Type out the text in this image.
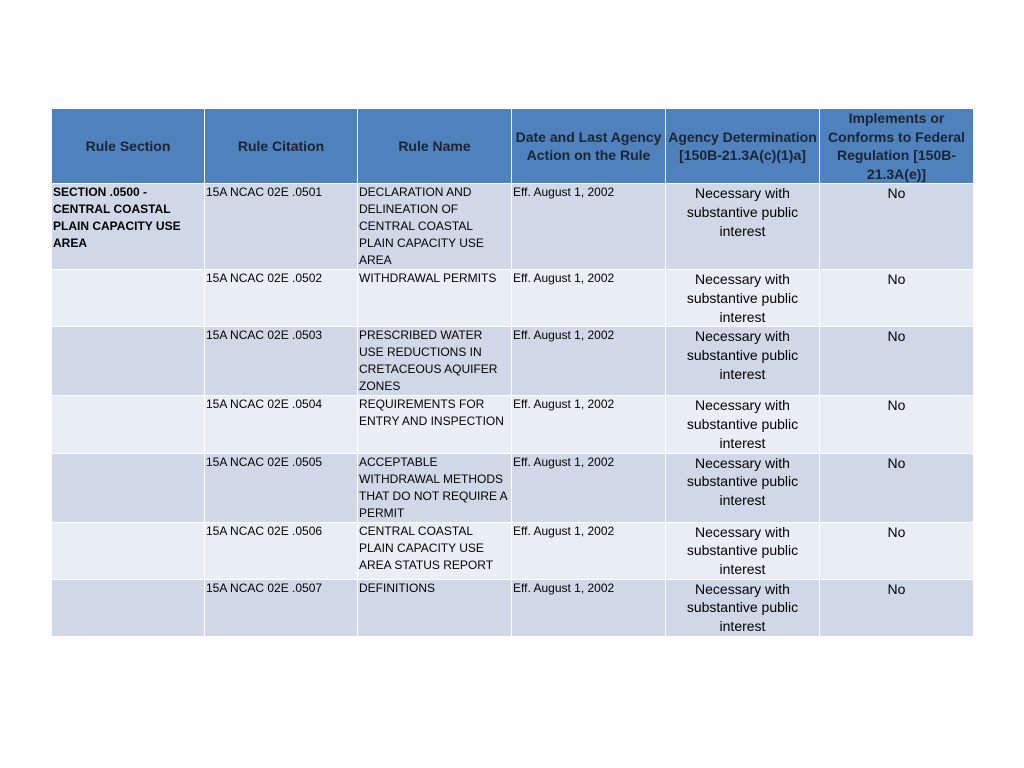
Rule Section	Rule Citation	Rule Name	Date and Last Agency Action on the Rule	Agency Determination [150B-21.3A(c)(1)a]	Implements or Conforms to Federal Regulation [150B-21.3A(e)]
SECTION .0500 - CENTRAL COASTAL PLAIN CAPACITY USE AREA	15A NCAC 02E .0501	DECLARATION AND DELINEATION OF CENTRAL COASTAL PLAIN CAPACITY USE AREA	Eff. August 1, 2002	Necessary with substantive public interest	No
	15A NCAC 02E .0502	WITHDRAWAL PERMITS	Eff. August 1, 2002	Necessary with substantive public interest	No
	15A NCAC 02E .0503	PRESCRIBED WATER USE REDUCTIONS IN CRETACEOUS AQUIFER ZONES	Eff. August 1, 2002	Necessary with substantive public interest	No
	15A NCAC 02E .0504	REQUIREMENTS FOR ENTRY AND INSPECTION	Eff. August 1, 2002	Necessary with substantive public interest	No
	15A NCAC 02E .0505	ACCEPTABLE WITHDRAWAL METHODS THAT DO NOT REQUIRE A PERMIT	Eff. August 1, 2002	Necessary with substantive public interest	No
	15A NCAC 02E .0506	CENTRAL COASTAL PLAIN CAPACITY USE AREA STATUS REPORT	Eff. August 1, 2002	Necessary with substantive public interest	No
	15A NCAC 02E .0507	DEFINITIONS	Eff. August 1, 2002	Necessary with substantive public interest	No
